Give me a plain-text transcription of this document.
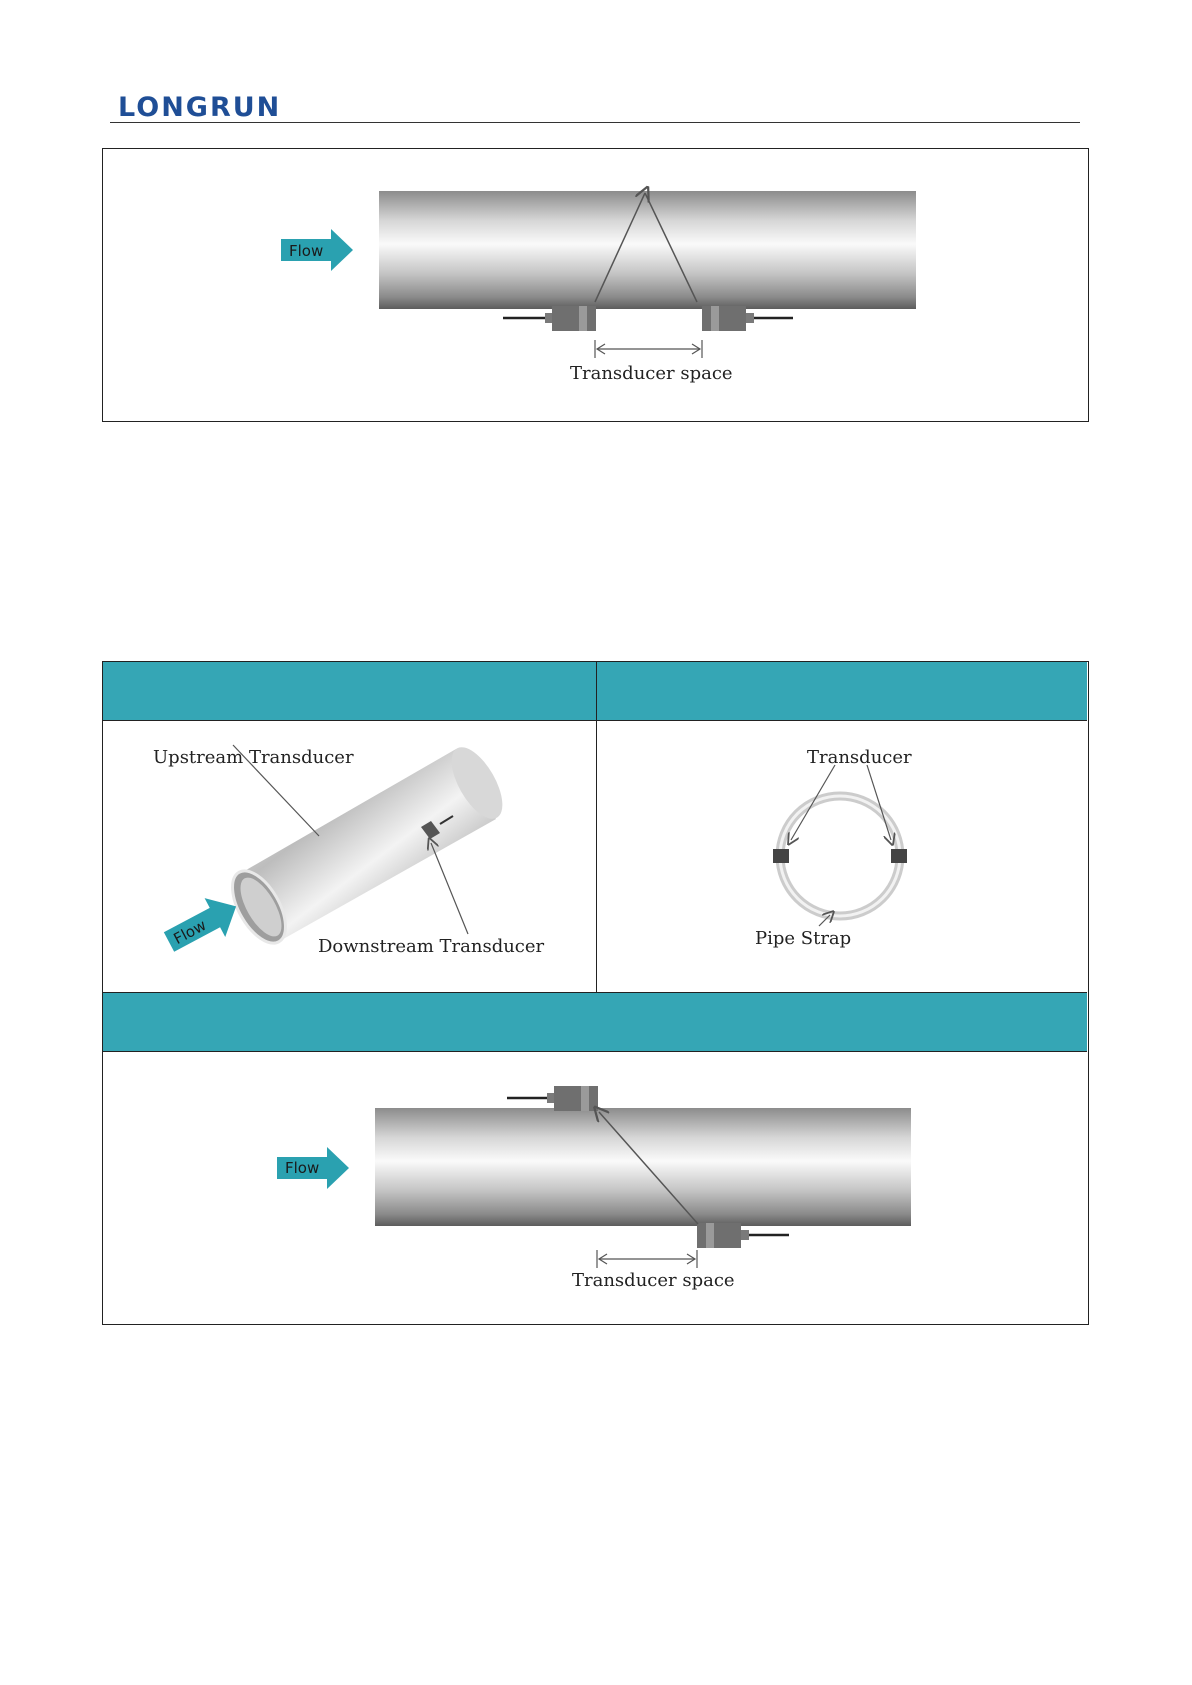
LONGRUN
Flow
Transducer space
Upstream Transducer
Downstream Transducer
Flow
Transducer
Pipe Strap
Flow
Transducer space
